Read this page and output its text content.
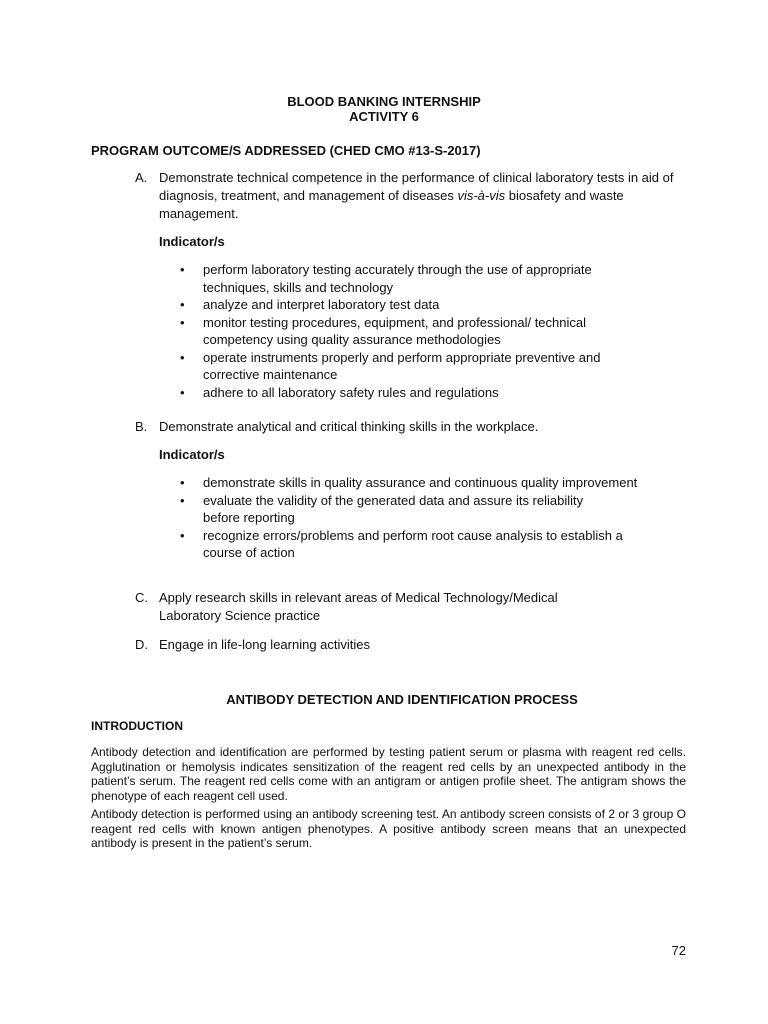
BLOOD BANKING INTERNSHIP
ACTIVITY 6
PROGRAM OUTCOME/S ADDRESSED (CHED CMO #13-S-2017)
A. Demonstrate technical competence in the performance of clinical laboratory tests in aid of diagnosis, treatment, and management of diseases vis-à-vis biosafety and waste management.
Indicator/s
• perform laboratory testing accurately through the use of appropriate techniques, skills and technology
• analyze and interpret laboratory test data
• monitor testing procedures, equipment, and professional/ technical competency using quality assurance methodologies
• operate instruments properly and perform appropriate preventive and corrective maintenance
• adhere to all laboratory safety rules and regulations
B. Demonstrate analytical and critical thinking skills in the workplace.
Indicator/s
• demonstrate skills in quality assurance and continuous quality improvement
• evaluate the validity of the generated data and assure its reliability before reporting
• recognize errors/problems and perform root cause analysis to establish a course of action
C. Apply research skills in relevant areas of Medical Technology/Medical Laboratory Science practice
D. Engage in life-long learning activities
ANTIBODY DETECTION AND IDENTIFICATION PROCESS
INTRODUCTION

Antibody detection and identification are performed by testing patient serum or plasma with reagent red cells. Agglutination or hemolysis indicates sensitization of the reagent red cells by an unexpected antibody in the patient’s serum. The reagent red cells come with an antigram or antigen profile sheet. The antigram shows the phenotype of each reagent cell used.

Antibody detection is performed using an antibody screening test. An antibody screen consists of 2 or 3 group O reagent red cells with known antigen phenotypes. A positive antibody screen means that an unexpected antibody is present in the patient’s serum.

72
